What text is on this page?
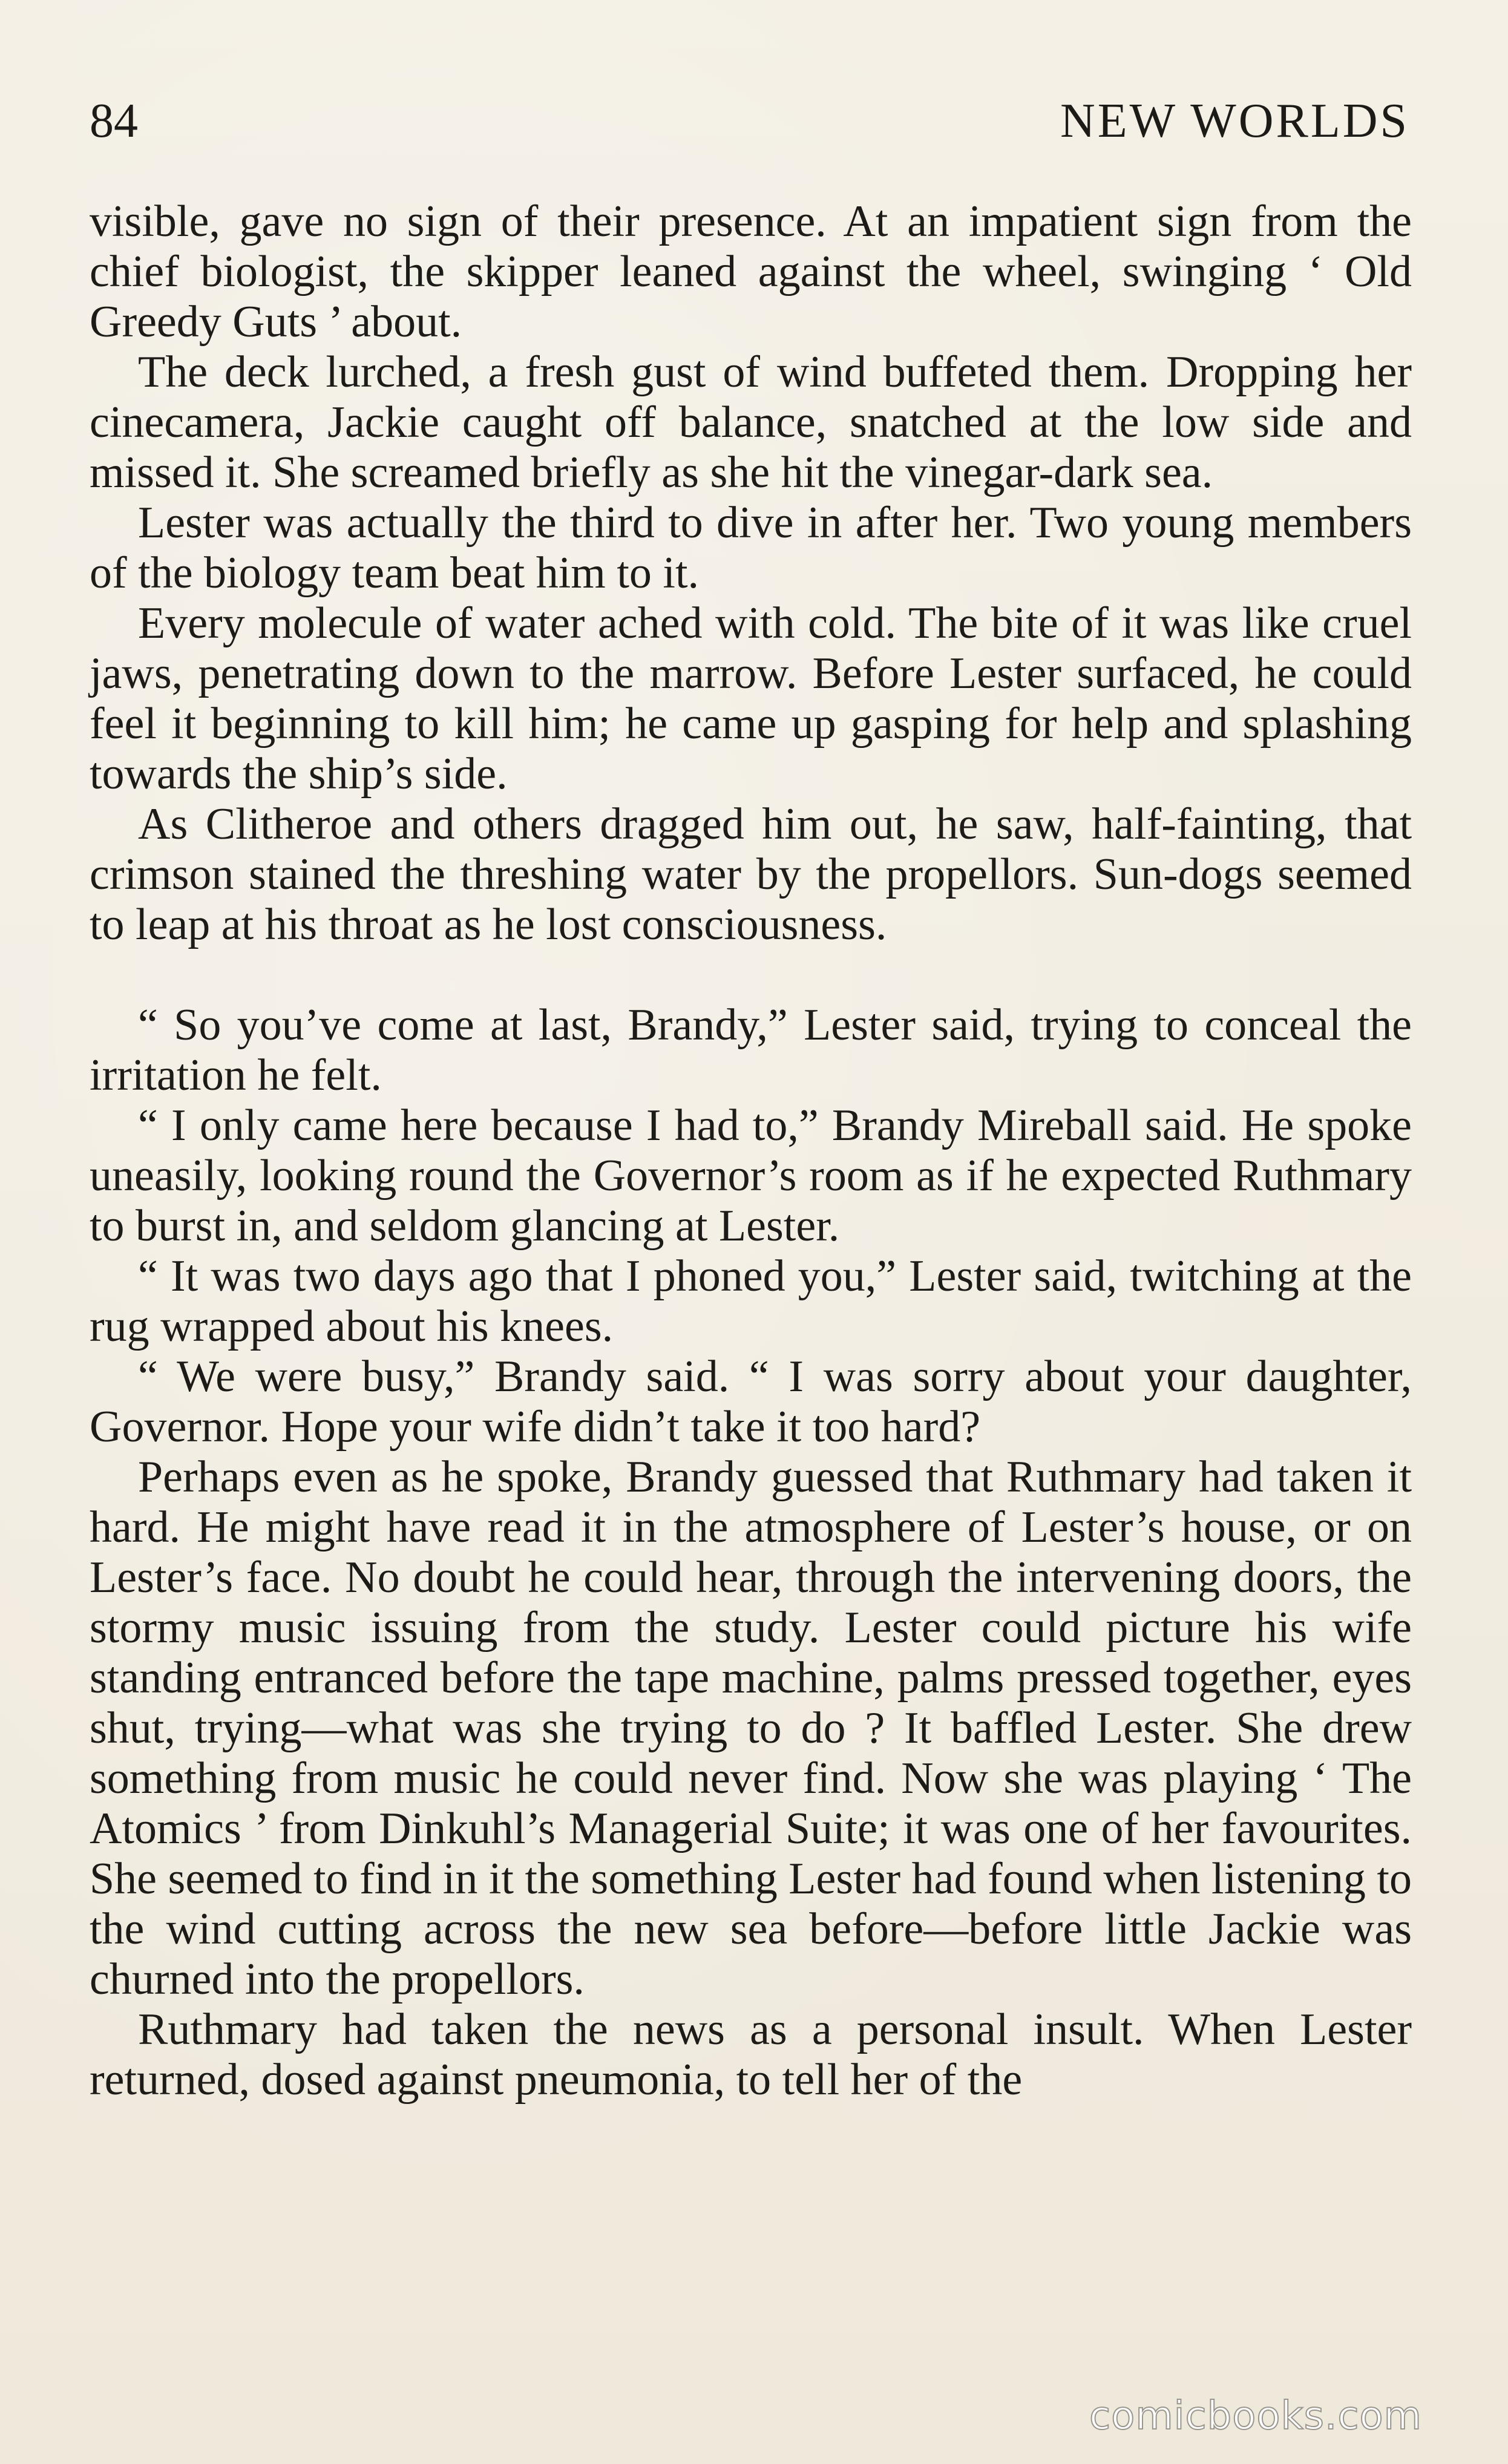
84	NEW WORLDS

visible, gave no sign of their presence. At an impatient sign from the chief biologist, the skipper leaned against the wheel, swinging ‘ Old Greedy Guts ’ about.

The deck lurched, a fresh gust of wind buffeted them. Dropping her cinecamera, Jackie caught off balance, snatched at the low side and missed it. She screamed briefly as she hit the vinegar-dark sea.

Lester was actually the third to dive in after her. Two young members of the biology team beat him to it.

Every molecule of water ached with cold. The bite of it was like cruel jaws, penetrating down to the marrow. Before Lester surfaced, he could feel it beginning to kill him; he came up gasping for help and splashing towards the ship’s side.

As Clitheroe and others dragged him out, he saw, half-fainting, that crimson stained the threshing water by the propellors. Sun-dogs seemed to leap at his throat as he lost consciousness.

“ So you’ve come at last, Brandy,” Lester said, trying to conceal the irritation he felt.

“ I only came here because I had to,” Brandy Mireball said. He spoke uneasily, looking round the Governor’s room as if he expected Ruthmary to burst in, and seldom glancing at Lester.

“ It was two days ago that I phoned you,” Lester said, twitching at the rug wrapped about his knees.

“ We were busy,” Brandy said. “ I was sorry about your daughter, Governor. Hope your wife didn’t take it too hard?

Perhaps even as he spoke, Brandy guessed that Ruthmary had taken it hard. He might have read it in the atmosphere of Lester’s house, or on Lester’s face. No doubt he could hear, through the intervening doors, the stormy music issuing from the study. Lester could picture his wife standing entranced before the tape machine, palms pressed together, eyes shut, trying—what was she trying to do ? It baffled Lester. She drew something from music he could never find. Now she was playing ‘ The Atomics ’ from Dinkuhl’s Managerial Suite; it was one of her favourites. She seemed to find in it the something Lester had found when listening to the wind cutting across the new sea before—before little Jackie was churned into the propellors.

Ruthmary had taken the news as a personal insult. When Lester returned, dosed against pneumonia, to tell her of the

comicbooks.com
